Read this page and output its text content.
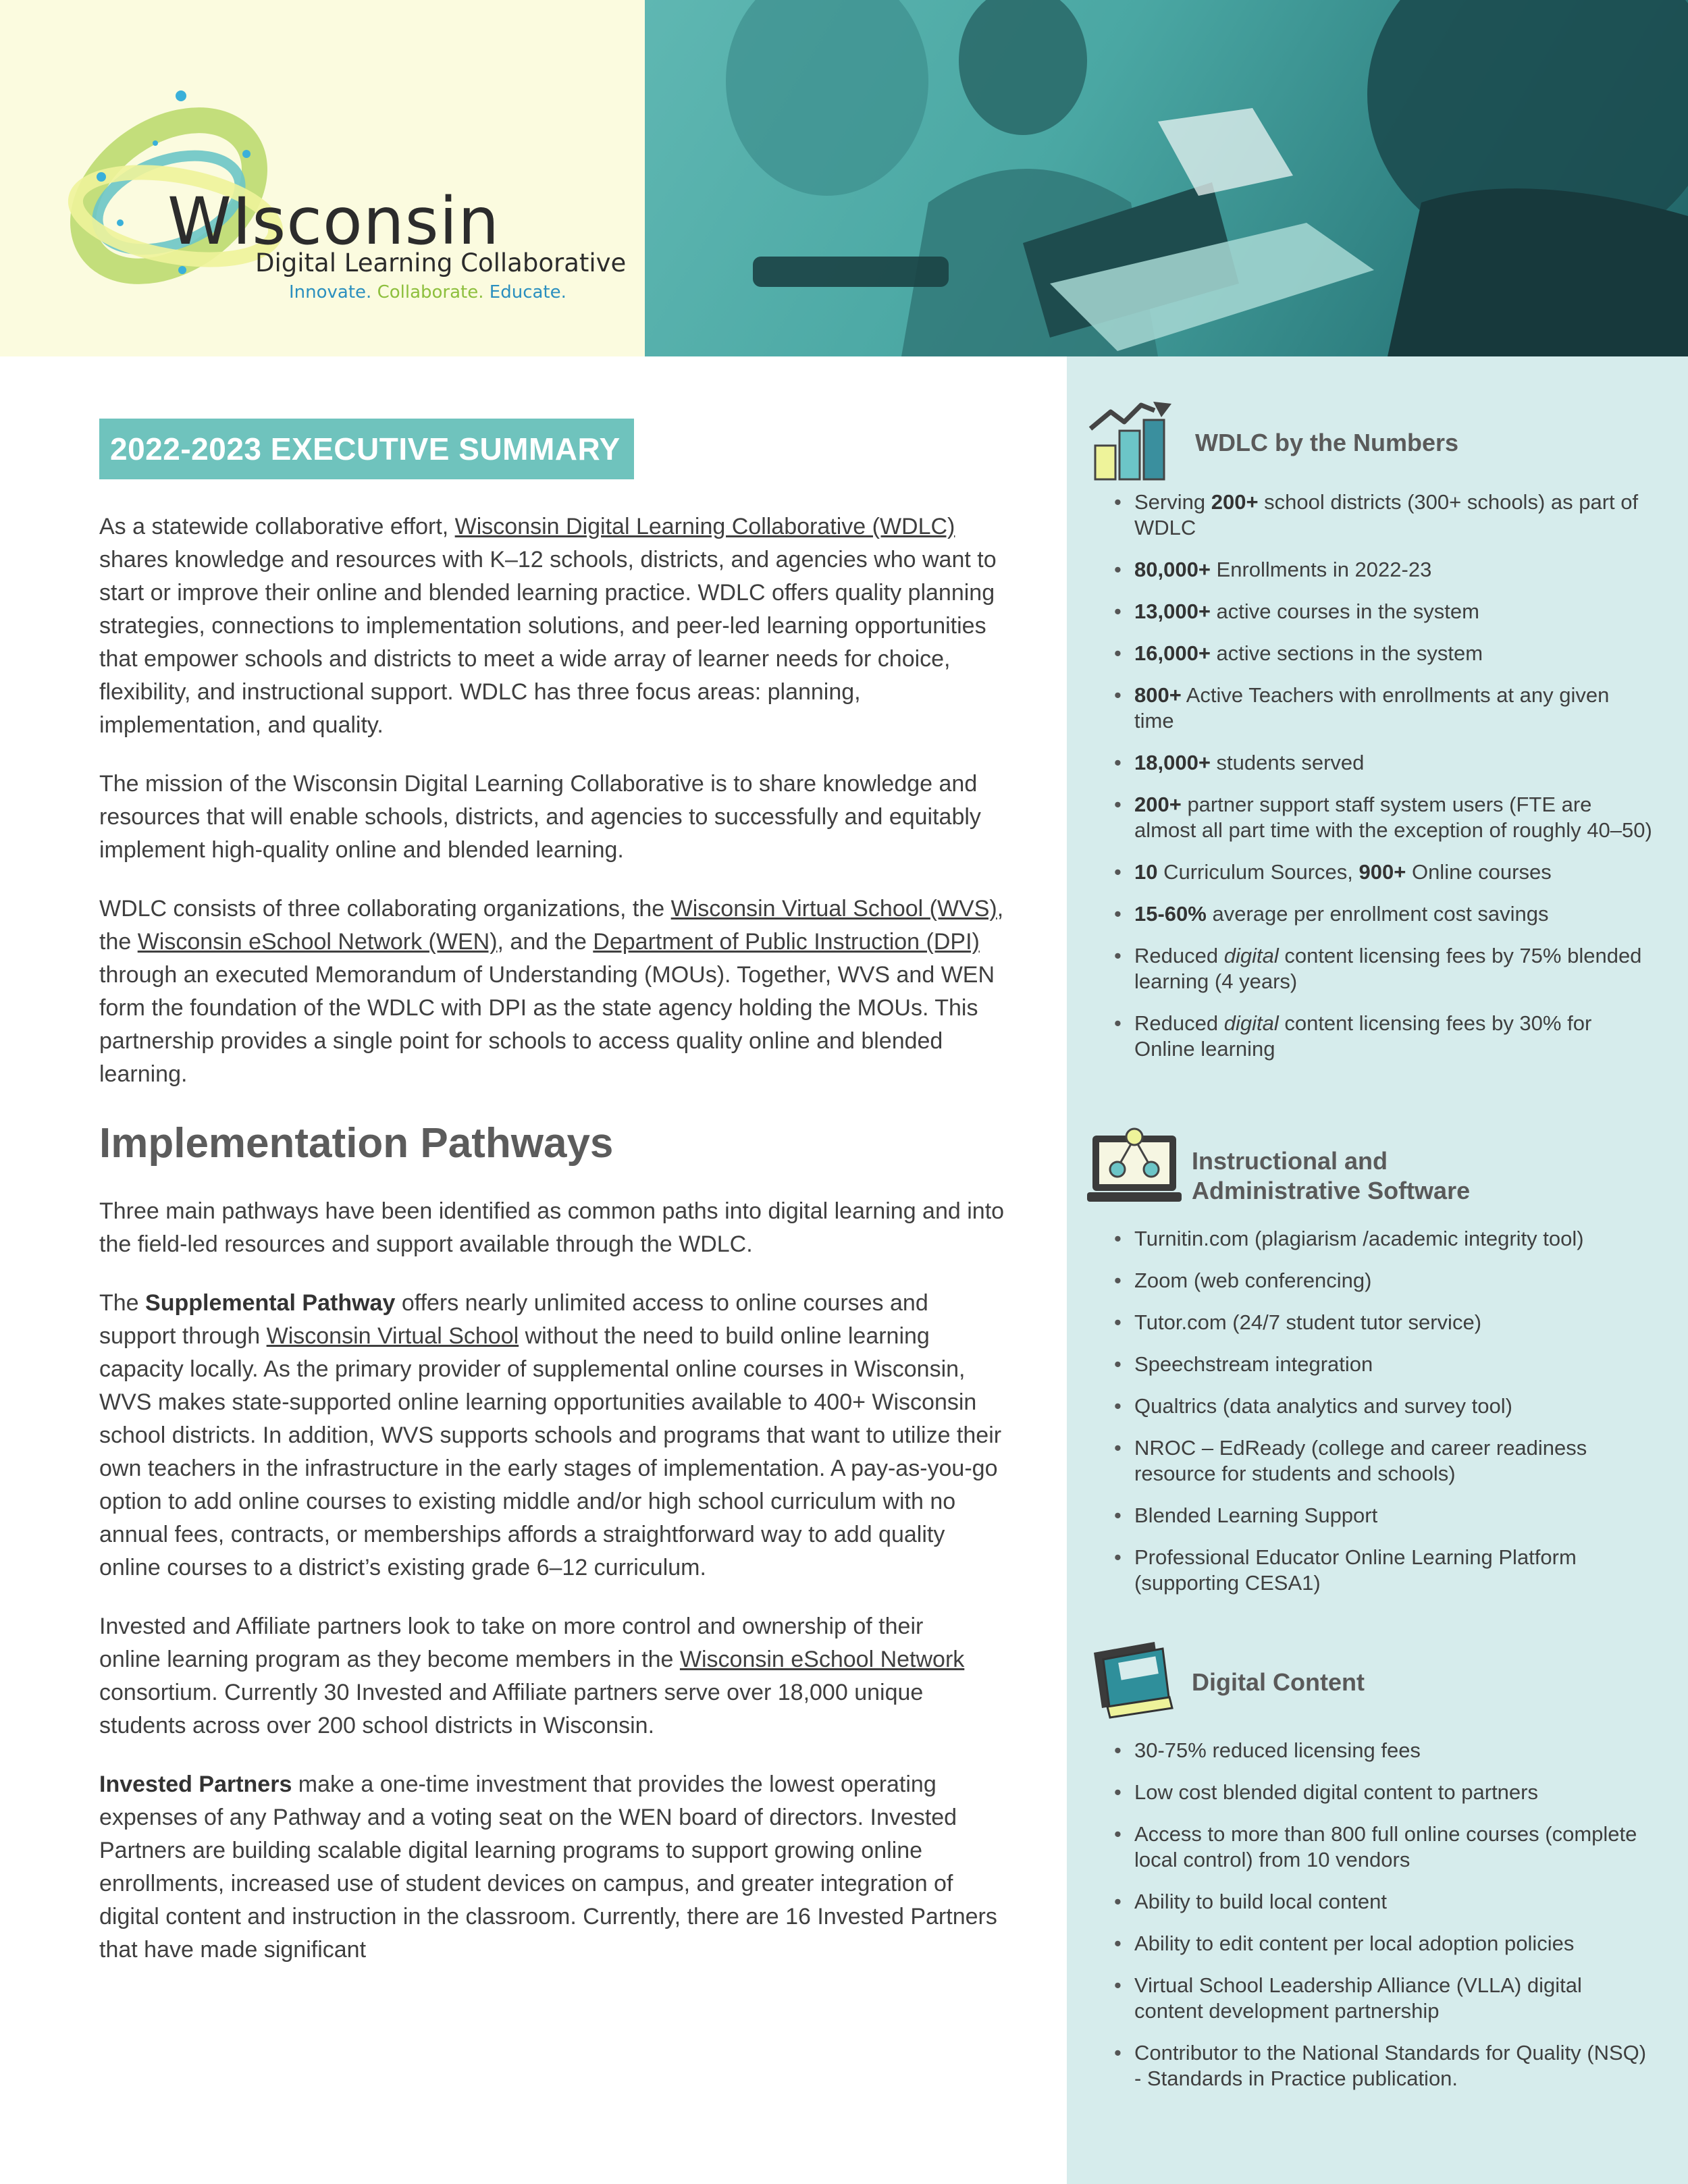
WIsconsin
Digital Learning Collaborative
Innovate. Collaborate. Educate.
WDLC by the Numbers
• Serving 200+ school districts (300+ schools) as part of WDLC
• 80,000+ Enrollments in 2022-23
• 13,000+ active courses in the system
• 16,000+ active sections in the system
• 800+ Active Teachers with enrollments at any given time
• 18,000+ students served
• 200+ partner support staff system users (FTE are almost all part time with the exception of roughly 40–50)
• 10 Curriculum Sources, 900+ Online courses
• 15-60% average per enrollment cost savings
• Reduced digital content licensing fees by 75% blended learning (4 years)
• Reduced digital content licensing fees by 30% for Online learning
Instructional and
Administrative Software
• Turnitin.com (plagiarism /academic integrity tool)
• Zoom (web conferencing)
• Tutor.com (24/7 student tutor service)
• Speechstream integration
• Qualtrics (data analytics and survey tool)
• NROC – EdReady (college and career readiness resource for students and schools)
• Blended Learning Support
• Professional Educator Online Learning Platform (supporting CESA1)
Digital Content
• 30-75% reduced licensing fees
• Low cost blended digital content to partners
• Access to more than 800 full online courses (complete local control) from 10 vendors
• Ability to build local content
• Ability to edit content per local adoption policies
• Virtual School Leadership Alliance (VLLA) digital content development partnership
• Contributor to the National Standards for Quality (NSQ) - Standards in Practice publication.
2022-2023 EXECUTIVE SUMMARY

As a statewide collaborative effort, Wisconsin Digital Learning Collaborative (WDLC) shares knowledge and resources with K–12 schools, districts, and agencies who want to start or improve their online and blended learning practice. WDLC offers quality planning strategies, connections to implementation solutions, and peer-led learning opportunities that empower schools and districts to meet a wide array of learner needs for choice, flexibility, and instructional support. WDLC has three focus areas: planning, implementation, and quality.

The mission of the Wisconsin Digital Learning Collaborative is to share knowledge and resources that will enable schools, districts, and agencies to successfully and equitably implement high-quality online and blended learning.

WDLC consists of three collaborating organizations, the Wisconsin Virtual School (WVS), the Wisconsin eSchool Network (WEN), and the Department of Public Instruction (DPI) through an executed Memorandum of Understanding (MOUs). Together, WVS and WEN form the foundation of the WDLC with DPI as the state agency holding the MOUs. This partnership provides a single point for schools to access quality online and blended learning.

Implementation Pathways

Three main pathways have been identified as common paths into digital learning and into the field-led resources and support available through the WDLC.

The Supplemental Pathway offers nearly unlimited access to online courses and support through Wisconsin Virtual School without the need to build online learning capacity locally. As the primary provider of supplemental online courses in Wisconsin, WVS makes state-supported online learning opportunities available to 400+ Wisconsin school districts. In addition, WVS supports schools and programs that want to utilize their own teachers in the infrastructure in the early stages of implementation. A pay-as-you-go option to add online courses to existing middle and/or high school curriculum with no annual fees, contracts, or memberships affords a straightforward way to add quality online courses to a district’s existing grade 6–12 curriculum.

Invested and Affiliate partners look to take on more control and ownership of their online learning program as they become members in the Wisconsin eSchool Network consortium. Currently 30 Invested and Affiliate partners serve over 18,000 unique students across over 200 school districts in Wisconsin.

Invested Partners make a one-time investment that provides the lowest operating expenses of any Pathway and a voting seat on the WEN board of directors. Invested Partners are building scalable digital learning programs to support growing online enrollments, increased use of student devices on campus, and greater integration of digital content and instruction in the classroom. Currently, there are 16 Invested Partners that have made significant
